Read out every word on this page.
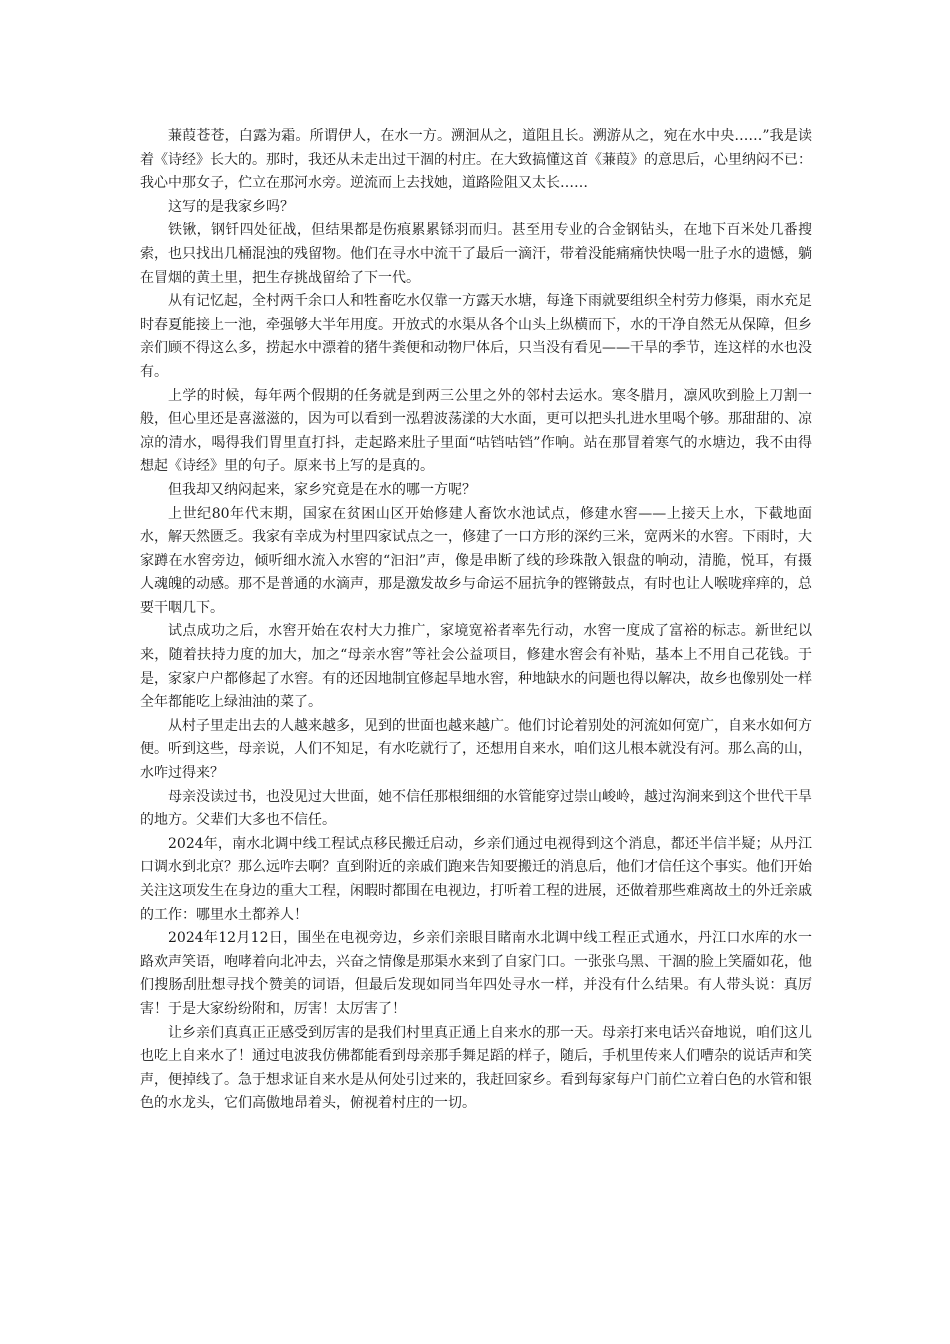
蒹葭苍苍，白露为霜。所谓伊人，在水一方。溯洄从之，道阻且长。溯游从之，宛在水中央……”我是读着《诗经》长大的。那时，我还从未走出过干涸的村庄。在大致搞懂这首《蒹葭》的意思后，心里纳闷不已：我心中那女子，伫立在那河水旁。逆流而上去找她，道路险阻又太长……

这写的是我家乡吗？

铁锹，钢钎四处征战，但结果都是伤痕累累铩羽而归。甚至用专业的合金钢钻头，在地下百米处几番搜索，也只找出几桶混浊的残留物。他们在寻水中流干了最后一滴汗，带着没能痛痛快快喝一肚子水的遗憾，躺在冒烟的黄土里，把生存挑战留给了下一代。

从有记忆起，全村两千余口人和牲畜吃水仅靠一方露天水塘，每逢下雨就要组织全村劳力修渠，雨水充足时春夏能接上一池，牵强够大半年用度。开放式的水渠从各个山头上纵横而下，水的干净自然无从保障，但乡亲们顾不得这么多，捞起水中漂着的猪牛粪便和动物尸体后，只当没有看见——干旱的季节，连这样的水也没有。

上学的时候，每年两个假期的任务就是到两三公里之外的邻村去运水。寒冬腊月，凛风吹到脸上刀割一般，但心里还是喜滋滋的，因为可以看到一泓碧波荡漾的大水面，更可以把头扎进水里喝个够。那甜甜的、凉凉的清水，喝得我们胃里直打抖，走起路来肚子里面“咕铛咕铛”作响。站在那冒着寒气的水塘边，我不由得想起《诗经》里的句子。原来书上写的是真的。

但我却又纳闷起来，家乡究竟是在水的哪一方呢？

上世纪80年代末期，国家在贫困山区开始修建人畜饮水池试点，修建水窖——上接天上水，下截地面水，解天然匮乏。我家有幸成为村里四家试点之一，修建了一口方形的深约三米，宽两米的水窖。下雨时，大家蹲在水窖旁边，倾听细水流入水窖的“汩汩”声，像是串断了线的珍珠散入银盘的响动，清脆，悦耳，有摄人魂魄的动感。那不是普通的水滴声，那是激发故乡与命运不屈抗争的铿锵鼓点，有时也让人喉咙痒痒的，总要干咽几下。

试点成功之后，水窖开始在农村大力推广，家境宽裕者率先行动，水窖一度成了富裕的标志。新世纪以来，随着扶持力度的加大，加之“母亲水窖”等社会公益项目，修建水窖会有补贴，基本上不用自己花钱。于是，家家户户都修起了水窖。有的还因地制宜修起旱地水窖，种地缺水的问题也得以解决，故乡也像别处一样全年都能吃上绿油油的菜了。

从村子里走出去的人越来越多，见到的世面也越来越广。他们讨论着别处的河流如何宽广，自来水如何方便。听到这些，母亲说，人们不知足，有水吃就行了，还想用自来水，咱们这儿根本就没有河。那么高的山，水咋过得来？

母亲没读过书，也没见过大世面，她不信任那根细细的水管能穿过崇山峻岭，越过沟涧来到这个世代干旱的地方。父辈们大多也不信任。

2024年，南水北调中线工程试点移民搬迁启动，乡亲们通过电视得到这个消息，都还半信半疑；从丹江口调水到北京？那么远咋去啊？直到附近的亲戚们跑来告知要搬迁的消息后，他们才信任这个事实。他们开始关注这项发生在身边的重大工程，闲暇时都围在电视边，打听着工程的进展，还做着那些难离故土的外迁亲戚的工作：哪里水土都养人！

2024年12月12日，围坐在电视旁边，乡亲们亲眼目睹南水北调中线工程正式通水，丹江口水库的水一路欢声笑语，咆哮着向北冲去，兴奋之情像是那渠水来到了自家门口。一张张乌黑、干涸的脸上笑靥如花，他们搜肠刮肚想寻找个赞美的词语，但最后发现如同当年四处寻水一样，并没有什么结果。有人带头说：真厉害！于是大家纷纷附和，厉害！太厉害了！

让乡亲们真真正正感受到厉害的是我们村里真正通上自来水的那一天。母亲打来电话兴奋地说，咱们这儿也吃上自来水了！通过电波我仿佛都能看到母亲那手舞足蹈的样子，随后，手机里传来人们嘈杂的说话声和笑声，便掉线了。急于想求证自来水是从何处引过来的，我赶回家乡。看到每家每户门前伫立着白色的水管和银色的水龙头，它们高傲地昂着头，俯视着村庄的一切。
